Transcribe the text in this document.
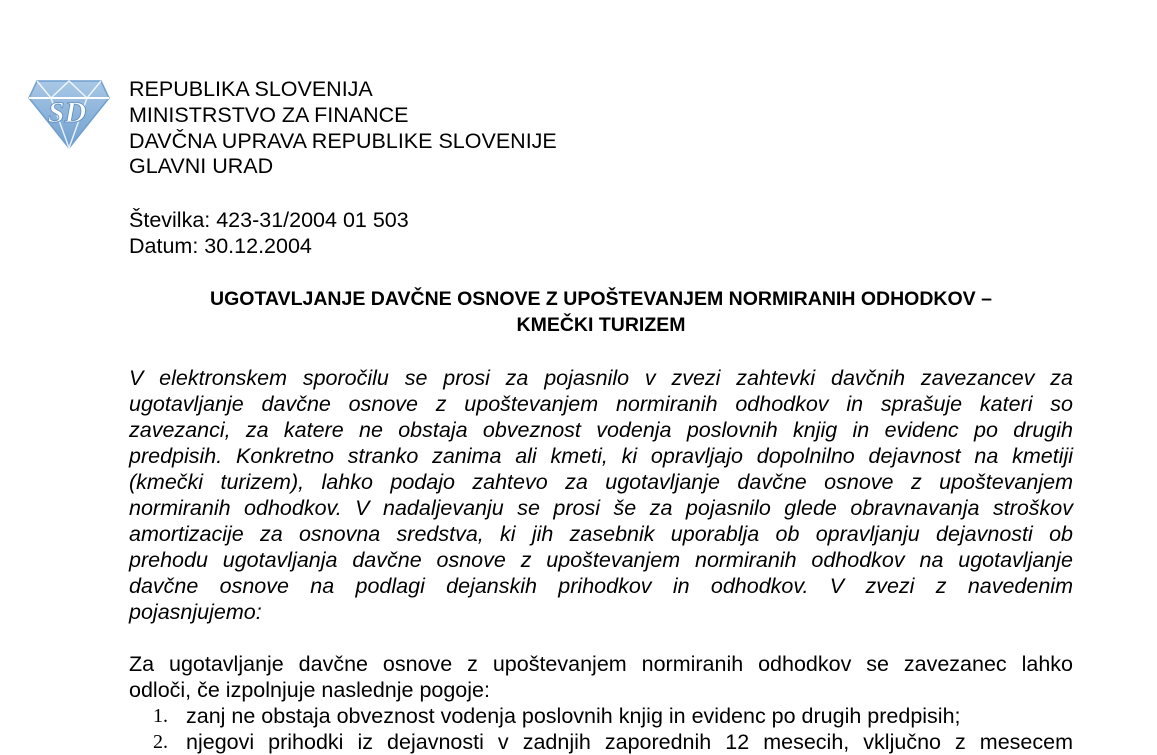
SD
REPUBLIKA SLOVENIJA
MINISTRSTVO ZA FINANCE
DAVČNA UPRAVA REPUBLIKE SLOVENIJE
GLAVNI URAD
Številka: 423-31/2004 01 503
Datum: 30.12.2004
UGOTAVLJANJE DAVČNE OSNOVE Z UPOŠTEVANJEM NORMIRANIH ODHODKOV –
KMEČKI TURIZEM
V elektronskem sporočilu se prosi za pojasnilo v zvezi zahtevki davčnih zavezancev za
ugotavljanje davčne osnove z upoštevanjem normiranih odhodkov in sprašuje kateri so
zavezanci, za katere ne obstaja obveznost vodenja poslovnih knjig in evidenc po drugih
predpisih. Konkretno stranko zanima ali kmeti, ki opravljajo dopolnilno dejavnost na kmetiji
(kmečki turizem), lahko podajo zahtevo za ugotavljanje davčne osnove z upoštevanjem
normiranih odhodkov. V nadaljevanju se prosi še za pojasnilo glede obravnavanja stroškov
amortizacije za osnovna sredstva, ki jih zasebnik uporablja ob opravljanju dejavnosti ob
prehodu ugotavljanja davčne osnove z upoštevanjem normiranih odhodkov na ugotavljanje
davčne osnove na podlagi dejanskih prihodkov in odhodkov. V zvezi z navedenim
pojasnjujemo:
Za ugotavljanje davčne osnove z upoštevanjem normiranih odhodkov se zavezanec lahko
odloči, če izpolnjuje naslednje pogoje:
1. zanj ne obstaja obveznost vodenja poslovnih knjig in evidenc po drugih predpisih;
2. njegovi prihodki iz dejavnosti v zadnjih zaporednih 12 mesecih, vključno z mesecem
